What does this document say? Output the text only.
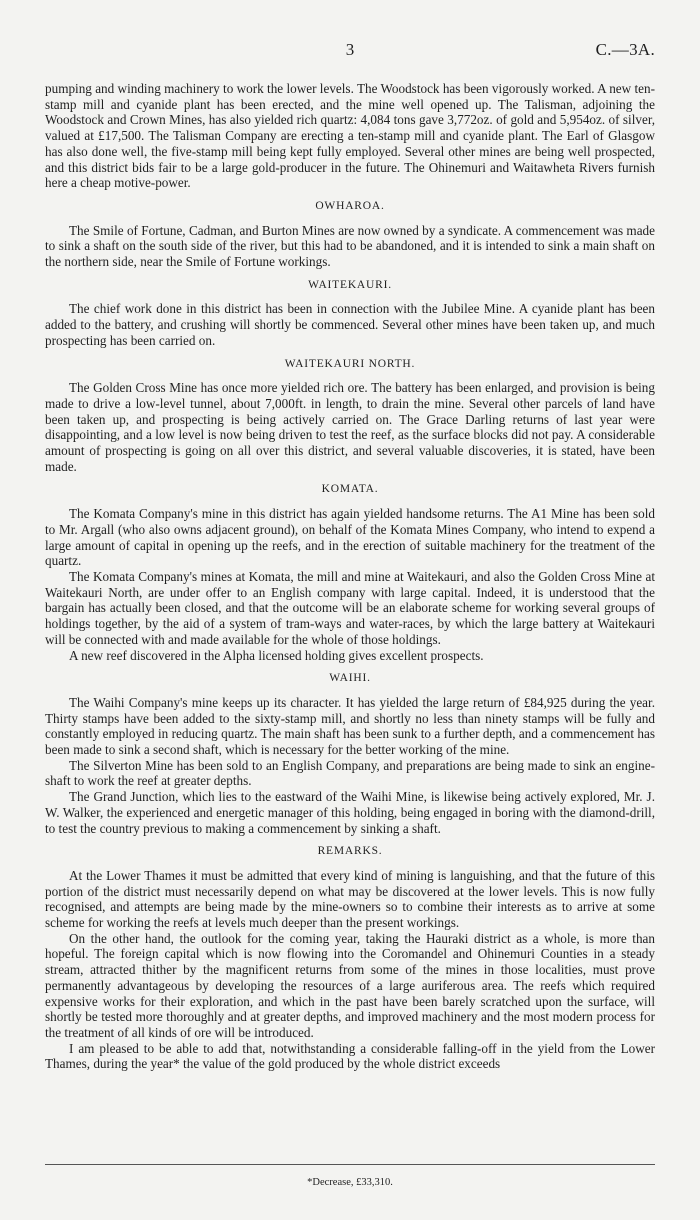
3	C.—3A.

pumping and winding machinery to work the lower levels. The Woodstock has been vigorously worked. A new ten-stamp mill and cyanide plant has been erected, and the mine well opened up. The Talisman, adjoining the Woodstock and Crown Mines, has also yielded rich quartz: 4,084 tons gave 3,772oz. of gold and 5,954oz. of silver, valued at £17,500. The Talisman Company are erecting a ten-stamp mill and cyanide plant. The Earl of Glasgow has also done well, the five-stamp mill being kept fully employed. Several other mines are being well prospected, and this district bids fair to be a large gold-producer in the future. The Ohinemuri and Waitawheta Rivers furnish here a cheap motive-power.

OWHAROA.

The Smile of Fortune, Cadman, and Burton Mines are now owned by a syndicate. A commencement was made to sink a shaft on the south side of the river, but this had to be abandoned, and it is intended to sink a main shaft on the northern side, near the Smile of Fortune workings.

WAITEKAURI.

The chief work done in this district has been in connection with the Jubilee Mine. A cyanide plant has been added to the battery, and crushing will shortly be commenced. Several other mines have been taken up, and much prospecting has been carried on.

WAITEKAURI NORTH.

The Golden Cross Mine has once more yielded rich ore. The battery has been enlarged, and provision is being made to drive a low-level tunnel, about 7,000ft. in length, to drain the mine. Several other parcels of land have been taken up, and prospecting is being actively carried on. The Grace Darling returns of last year were disappointing, and a low level is now being driven to test the reef, as the surface blocks did not pay. A considerable amount of prospecting is going on all over this district, and several valuable discoveries, it is stated, have been made.

KOMATA.

The Komata Company's mine in this district has again yielded handsome returns. The A1 Mine has been sold to Mr. Argall (who also owns adjacent ground), on behalf of the Komata Mines Company, who intend to expend a large amount of capital in opening up the reefs, and in the erection of suitable machinery for the treatment of the quartz.

The Komata Company's mines at Komata, the mill and mine at Waitekauri, and also the Golden Cross Mine at Waitekauri North, are under offer to an English company with large capital. Indeed, it is understood that the bargain has actually been closed, and that the outcome will be an elaborate scheme for working several groups of holdings together, by the aid of a system of tram-ways and water-races, by which the large battery at Waitekauri will be connected with and made available for the whole of those holdings.

A new reef discovered in the Alpha licensed holding gives excellent prospects.

WAIHI.

The Waihi Company's mine keeps up its character. It has yielded the large return of £84,925 during the year. Thirty stamps have been added to the sixty-stamp mill, and shortly no less than ninety stamps will be fully and constantly employed in reducing quartz. The main shaft has been sunk to a further depth, and a commencement has been made to sink a second shaft, which is necessary for the better working of the mine.

The Silverton Mine has been sold to an English Company, and preparations are being made to sink an engine-shaft to work the reef at greater depths.

The Grand Junction, which lies to the eastward of the Waihi Mine, is likewise being actively explored, Mr. J. W. Walker, the experienced and energetic manager of this holding, being engaged in boring with the diamond-drill, to test the country previous to making a commencement by sinking a shaft.

REMARKS.

At the Lower Thames it must be admitted that every kind of mining is languishing, and that the future of this portion of the district must necessarily depend on what may be discovered at the lower levels. This is now fully recognised, and attempts are being made by the mine-owners so to combine their interests as to arrive at some scheme for working the reefs at levels much deeper than the present workings.

On the other hand, the outlook for the coming year, taking the Hauraki district as a whole, is more than hopeful. The foreign capital which is now flowing into the Coromandel and Ohinemuri Counties in a steady stream, attracted thither by the magnificent returns from some of the mines in those localities, must prove permanently advantageous by developing the resources of a large auriferous area. The reefs which required expensive works for their exploration, and which in the past have been barely scratched upon the surface, will shortly be tested more thoroughly and at greater depths, and improved machinery and the most modern process for the treatment of all kinds of ore will be introduced.

I am pleased to be able to add that, notwithstanding a considerable falling-off in the yield from the Lower Thames, during the year* the value of the gold produced by the whole district exceeds

*Decrease, £33,310.
